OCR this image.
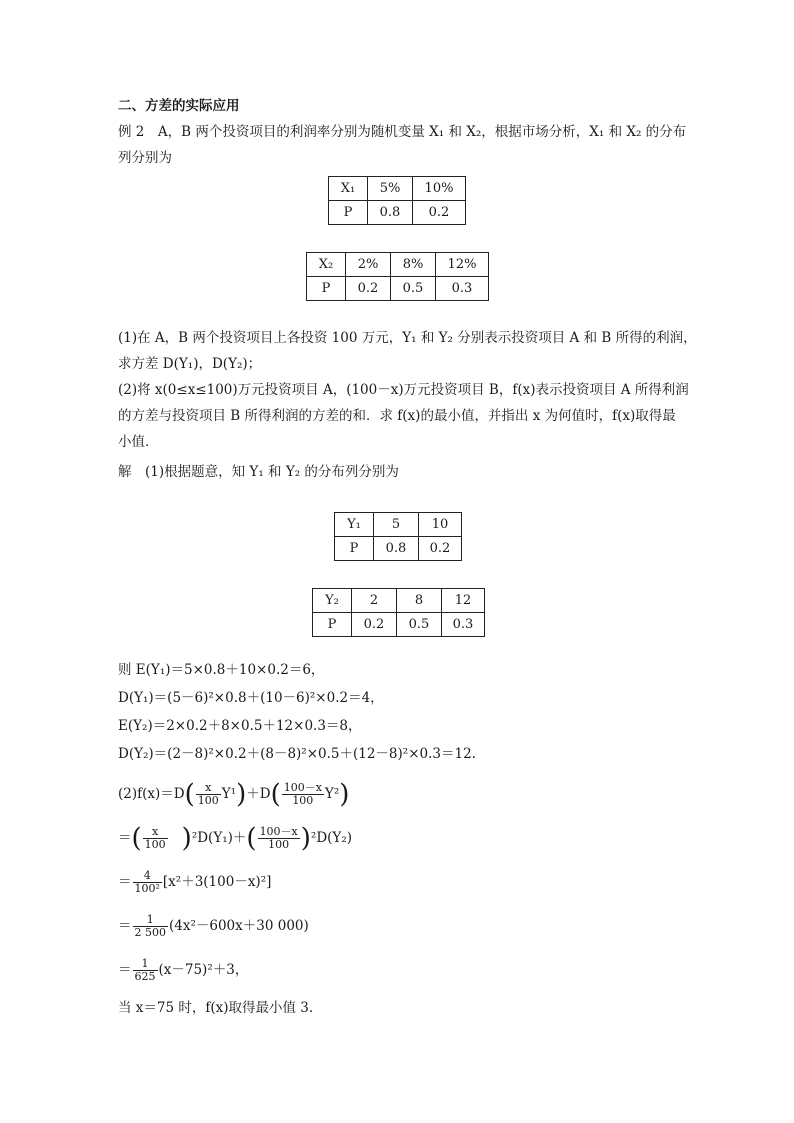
二、方差的实际应用
例 2　A，B 两个投资项目的利润率分别为随机变量 X₁ 和 X₂，根据市场分析，X₁ 和 X₂ 的分布
列分别为
X₁	5%	10%
P	0.8	0.2
X₂	2%	8%	12%
P	0.2	0.5	0.3
(1)在 A，B 两个投资项目上各投资 100 万元，Y₁ 和 Y₂ 分别表示投资项目 A 和 B 所得的利润，
求方差 D(Y₁)，D(Y₂)；
(2)将 x(0≤x≤100)万元投资项目 A，(100－x)万元投资项目 B，f(x)表示投资项目 A 所得利润
的方差与投资项目 B 所得利润的方差的和．求 f(x)的最小值，并指出 x 为何值时，f(x)取得最
小值．
解　(1)根据题意，知 Y₁ 和 Y₂ 的分布列分别为
Y₁	5	10
P	0.8	0.2
Y₂	2	8	12
P	0.2	0.5	0.3
则 E(Y₁)＝5×0.8＋10×0.2＝6，
D(Y₁)＝(5－6)²×0.8＋(10－6)²×0.2＝4，
E(Y₂)＝2×0.2＋8×0.5＋12×0.3＝8，
D(Y₂)＝(2－8)²×0.2＋(8－8)²×0.5＋(12－8)²×0.3＝12.
$(2)f(x)=D( \frac{x}{100} Y^1)+D( \frac{100-x}{100} Y^2)$
＝( $\frac{x}{100} )^2D(Y_1)+( \frac{100-x}{100} )^2D(Y_2)$
＝ $\frac{4}{\text{100²}} [x^2+3(100-x)^2]$
＝ $\frac{1}{2 500} (4x^2-600x+30$ 000)
＝ $\frac{1}{625} (x-75)^2+3$，
当 x＝75 时，f(x)取得最小值 3.
